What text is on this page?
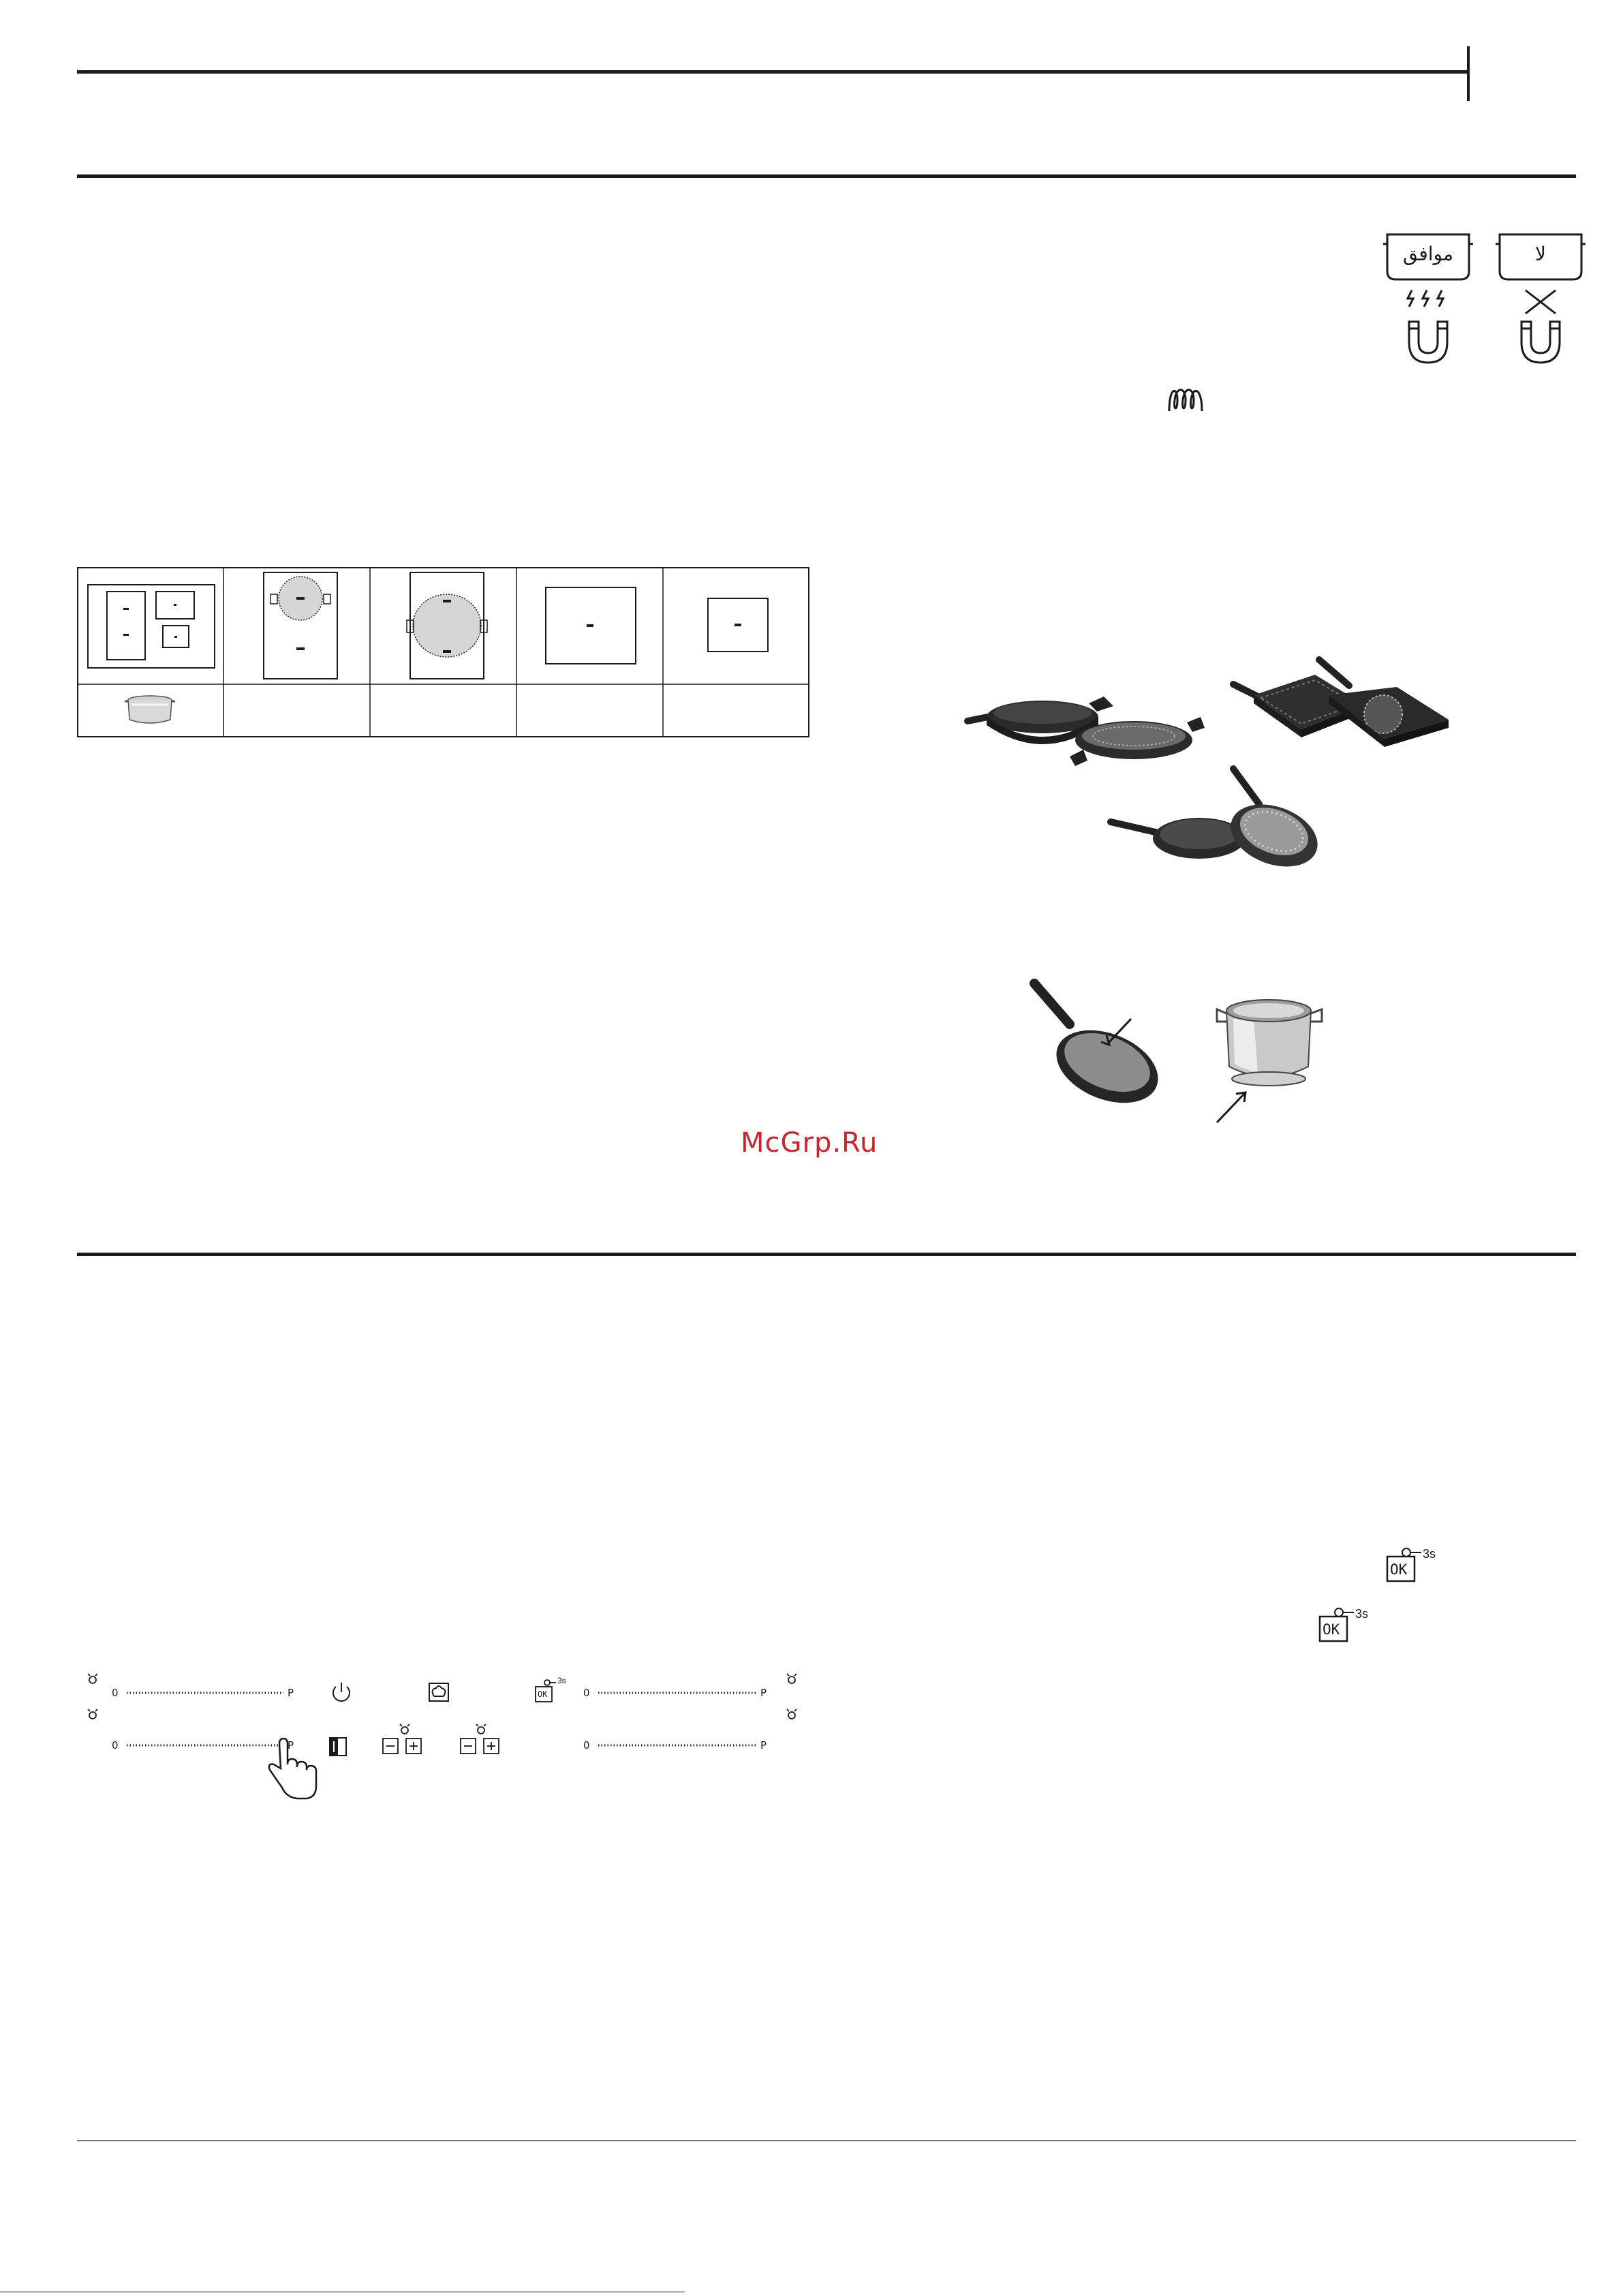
موافق	لا
McGrp.Ru
OK
3s
OK
3s
0	P
0	P
0	P
0	P
OK
3s
